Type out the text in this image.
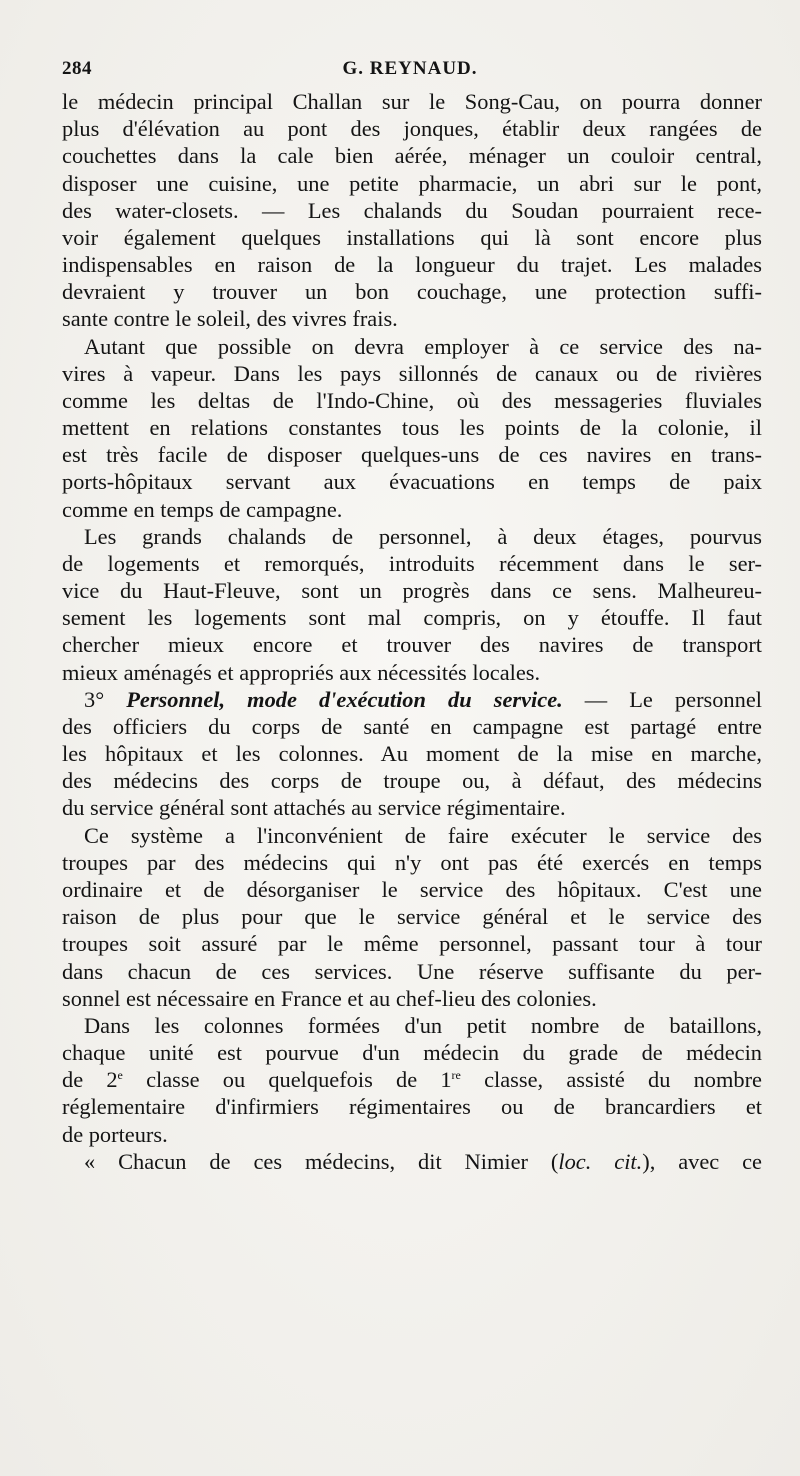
284	G. REYNAUD.
le médecin principal Challan sur le Song-Cau, on pourra donner
plus d'élévation au pont des jonques, établir deux rangées de
couchettes dans la cale bien aérée, ménager un couloir central,
disposer une cuisine, une petite pharmacie, un abri sur le pont,
des water-closets. — Les chalands du Soudan pourraient rece-
voir également quelques installations qui là sont encore plus
indispensables en raison de la longueur du trajet. Les malades
devraient y trouver un bon couchage, une protection suffi-
sante contre le soleil, des vivres frais.
Autant que possible on devra employer à ce service des na-
vires à vapeur. Dans les pays sillonnés de canaux ou de rivières
comme les deltas de l'Indo-Chine, où des messageries fluviales
mettent en relations constantes tous les points de la colonie, il
est très facile de disposer quelques-uns de ces navires en trans-
ports-hôpitaux servant aux évacuations en temps de paix
comme en temps de campagne.
Les grands chalands de personnel, à deux étages, pourvus
de logements et remorqués, introduits récemment dans le ser-
vice du Haut-Fleuve, sont un progrès dans ce sens. Malheureu-
sement les logements sont mal compris, on y étouffe. Il faut
chercher mieux encore et trouver des navires de transport
mieux aménagés et appropriés aux nécessités locales.
3° Personnel, mode d'exécution du service. — Le personnel
des officiers du corps de santé en campagne est partagé entre
les hôpitaux et les colonnes. Au moment de la mise en marche,
des médecins des corps de troupe ou, à défaut, des médecins
du service général sont attachés au service régimentaire.
Ce système a l'inconvénient de faire exécuter le service des
troupes par des médecins qui n'y ont pas été exercés en temps
ordinaire et de désorganiser le service des hôpitaux. C'est une
raison de plus pour que le service général et le service des
troupes soit assuré par le même personnel, passant tour à tour
dans chacun de ces services. Une réserve suffisante du per-
sonnel est nécessaire en France et au chef-lieu des colonies.
Dans les colonnes formées d'un petit nombre de bataillons,
chaque unité est pourvue d'un médecin du grade de médecin
de 2e classe ou quelquefois de 1re classe, assisté du nombre
réglementaire d'infirmiers régimentaires ou de brancardiers et
de porteurs.
« Chacun de ces médecins, dit Nimier (loc. cit.), avec ce
